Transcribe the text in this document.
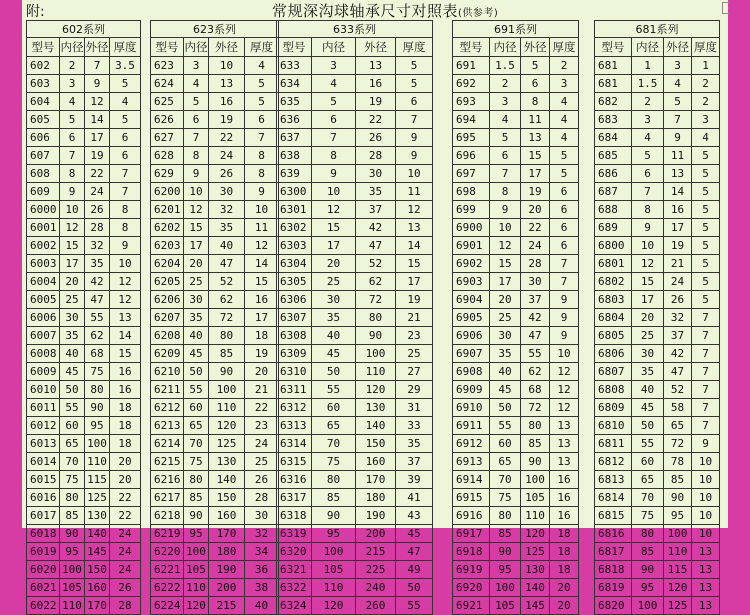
附:	常规深沟球轴承尺寸对照表(供参考)
602系列			
型号	内径	外径	厚度
602	2	7	3.5
603	3	9	5
604	4	12	4
605	5	14	5
606	6	17	6
607	7	19	6
608	8	22	7
609	9	24	7
6000	10	26	8
6001	12	28	8
6002	15	32	9
6003	17	35	10
6004	20	42	12
6005	25	47	12
6006	30	55	13
6007	35	62	14
6008	40	68	15
6009	45	75	16
6010	50	80	16
6011	55	90	18
6012	60	95	18
6013	65	100	18
6014	70	110	20
6015	75	115	20
6016	80	125	22
6017	85	130	22
6018	90	140	24
6019	95	145	24
6020	100	150	24
6021	105	160	26
6022	110	170	28
623系列			
型号	内径	外径	厚度
623	3	10	4
624	4	13	5
625	5	16	5
626	6	19	6
627	7	22	7
628	8	24	8
629	9	26	8
6200	10	30	9
6201	12	32	10
6202	15	35	11
6203	17	40	12
6204	20	47	14
6205	25	52	15
6206	30	62	16
6207	35	72	17
6208	40	80	18
6209	45	85	19
6210	50	90	20
6211	55	100	21
6212	60	110	22
6213	65	120	23
6214	70	125	24
6215	75	130	25
6216	80	140	26
6217	85	150	28
6218	90	160	30
6219	95	170	32
6220	100	180	34
6221	105	190	36
6222	110	200	38
6224	120	215	40
633系列			
型号	内径	外径	厚度
633	3	13	5
634	4	16	5
635	5	19	6
636	6	22	7
637	7	26	9
638	8	28	9
639	9	30	10
6300	10	35	11
6301	12	37	12
6302	15	42	13
6303	17	47	14
6304	20	52	15
6305	25	62	17
6306	30	72	19
6307	35	80	21
6308	40	90	23
6309	45	100	25
6310	50	110	27
6311	55	120	29
6312	60	130	31
6313	65	140	33
6314	70	150	35
6315	75	160	37
6316	80	170	39
6317	85	180	41
6318	90	190	43
6319	95	200	45
6320	100	215	47
6321	105	225	49
6322	110	240	50
6324	120	260	55
691系列			
型号	内径	外径	厚度
691	1.5	5	2
692	2	6	3
693	3	8	4
694	4	11	4
695	5	13	4
696	6	15	5
697	7	17	5
698	8	19	6
699	9	20	6
6900	10	22	6
6901	12	24	6
6902	15	28	7
6903	17	30	7
6904	20	37	9
6905	25	42	9
6906	30	47	9
6907	35	55	10
6908	40	62	12
6909	45	68	12
6910	50	72	12
6911	55	80	13
6912	60	85	13
6913	65	90	13
6914	70	100	16
6915	75	105	16
6916	80	110	16
6917	85	120	18
6918	90	125	18
6919	95	130	18
6920	100	140	20
6921	105	145	20
681系列			
型号	内径	外径	厚度
681	1	3	1
681	1.5	4	2
682	2	5	2
683	3	7	3
684	4	9	4
685	5	11	5
686	6	13	5
687	7	14	5
688	8	16	5
689	9	17	5
6800	10	19	5
6801	12	21	5
6802	15	24	5
6803	17	26	5
6804	20	32	7
6805	25	37	7
6806	30	42	7
6807	35	47	7
6808	40	52	7
6809	45	58	7
6810	50	65	7
6811	55	72	9
6812	60	78	10
6813	65	85	10
6814	70	90	10
6815	75	95	10
6816	80	100	10
6817	85	110	13
6818	90	115	13
6819	95	120	13
6820	100	125	13
